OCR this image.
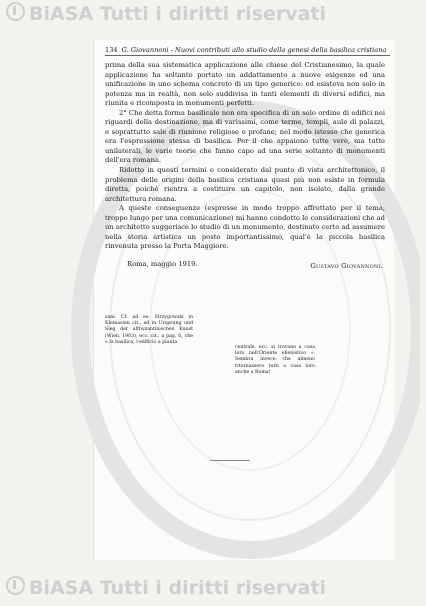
BiASA Tutti i diritti riservati
BiASA Tutti i diritti riservati
134 G. Giovannoni - Nuovi contributi allo studio della genesi della basilica cristiana

prima della sua sistematica applicazione alle chiese del Cristianesimo, la quale applicazione ha soltanto portato un addattamento a nuove esigenze ed una unificazione in uno schema concreto di un tipo generico: ed esisteva non solo in potenza ma in realtà, non solo suddivisa in tanti elementi di diversi edifici, ma riunita e ricomposta in monumenti perfetti.

2° Che detta forma basilicale non era specifica di un solo ordine di edifici nei riguardi della destinazione, ma di varissimi, come terme, templi, aule di palazzi, e soprattutto sale di riunione religiose o profane; nel modo istesso che generica era l'espressione stessa di basilica. Per il che appaiono tutte vere, ma tutte unilaterali, le varie teorie che fanno capo ad una serie soltanto di monumenti dell'era romana.

Ridotto in questi termini e considerato dal punto di vista architettonico, il problema delle origini della basilica cristiana quasi più non esiste in formula diretta, poichè rientra a costituire un capitolo, non isolato, dalla grande architettura romana.

A queste conseguenze (espresse in modo troppo affrettato per il tema, troppo lungo per una comunicazione) mi hanno condotto le considerazioni che ad un architetto suggerisce lo studio di un monumento, destinato certo ad assumere nella storia artistica un posto importantissimo, qual'è la piccola basilica rinvenuta presso la Porta Maggiore.

Roma, maggio 1919.	Gustavo Giovannoni.
zani. Cf. ad es. Strzygowski in Kleinasien cit., ed in Ursprung und Sieg der altbyzantinischen Kunst (Wien, 1903), ecc. cit., a pag. 6, che « la basilica, l'edificio a pianta
centrale, ecc. si trovano a casa loro nell'Oriente ellenistico ». Sembra invece che almeno ritornassero tutti a casa loro anche a Roma!
